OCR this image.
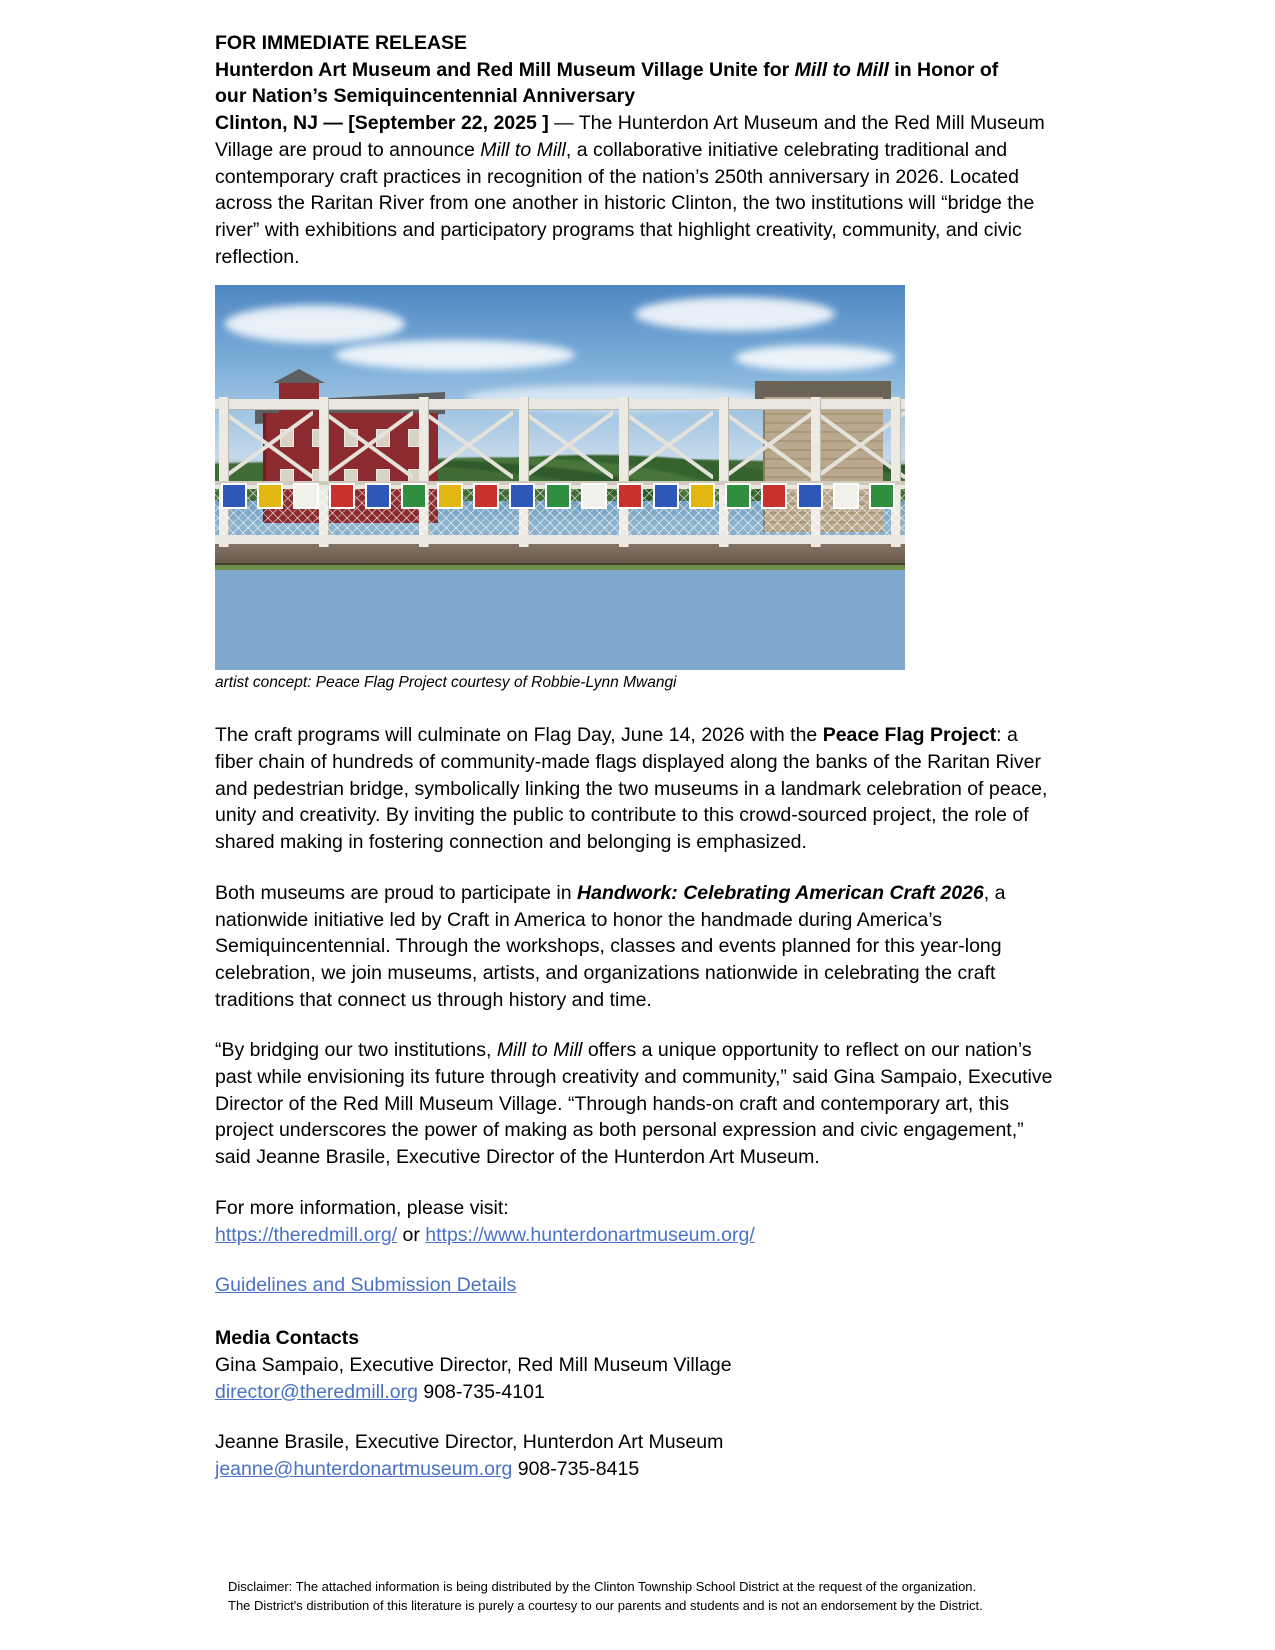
FOR IMMEDIATE RELEASE
Hunterdon Art Museum and Red Mill Museum Village Unite for Mill to Mill in Honor of
our Nation’s Semiquincentennial Anniversary

Clinton, NJ — [September 22, 2025 ] — The Hunterdon Art Museum and the Red Mill Museum Village are proud to announce Mill to Mill, a collaborative initiative celebrating traditional and contemporary craft practices in recognition of the nation’s 250th anniversary in 2026. Located across the Raritan River from one another in historic Clinton, the two institutions will “bridge the river” with exhibitions and participatory programs that highlight creativity, community, and civic reflection.

artist concept: Peace Flag Project courtesy of Robbie-Lynn Mwangi

The craft programs will culminate on Flag Day, June 14, 2026 with the Peace Flag Project: a fiber chain of hundreds of community-made flags displayed along the banks of the Raritan River and pedestrian bridge, symbolically linking the two museums in a landmark celebration of peace, unity and creativity. By inviting the public to contribute to this crowd-sourced project, the role of shared making in fostering connection and belonging is emphasized.

Both museums are proud to participate in Handwork: Celebrating American Craft 2026, a nationwide initiative led by Craft in America to honor the handmade during America’s Semiquincentennial. Through the workshops, classes and events planned for this year-long celebration, we join museums, artists, and organizations nationwide in celebrating the craft traditions that connect us through history and time.

“By bridging our two institutions, Mill to Mill offers a unique opportunity to reflect on our nation’s past while envisioning its future through creativity and community,” said Gina Sampaio, Executive Director of the Red Mill Museum Village. “Through hands-on craft and contemporary art, this project underscores the power of making as both personal expression and civic engagement,” said Jeanne Brasile, Executive Director of the Hunterdon Art Museum.

For more information, please visit:
https://theredmill.org/ or https://www.hunterdonartmuseum.org/

Guidelines and Submission Details

Media Contacts

Gina Sampaio, Executive Director, Red Mill Museum Village
director@theredmill.org 908-735-4101

Jeanne Brasile, Executive Director, Hunterdon Art Museum
jeanne@hunterdonartmuseum.org 908-735-8415

Disclaimer: The attached information is being distributed by the Clinton Township School District at the request of the organization.
The District's distribution of this literature is purely a courtesy to our parents and students and is not an endorsement by the District.
